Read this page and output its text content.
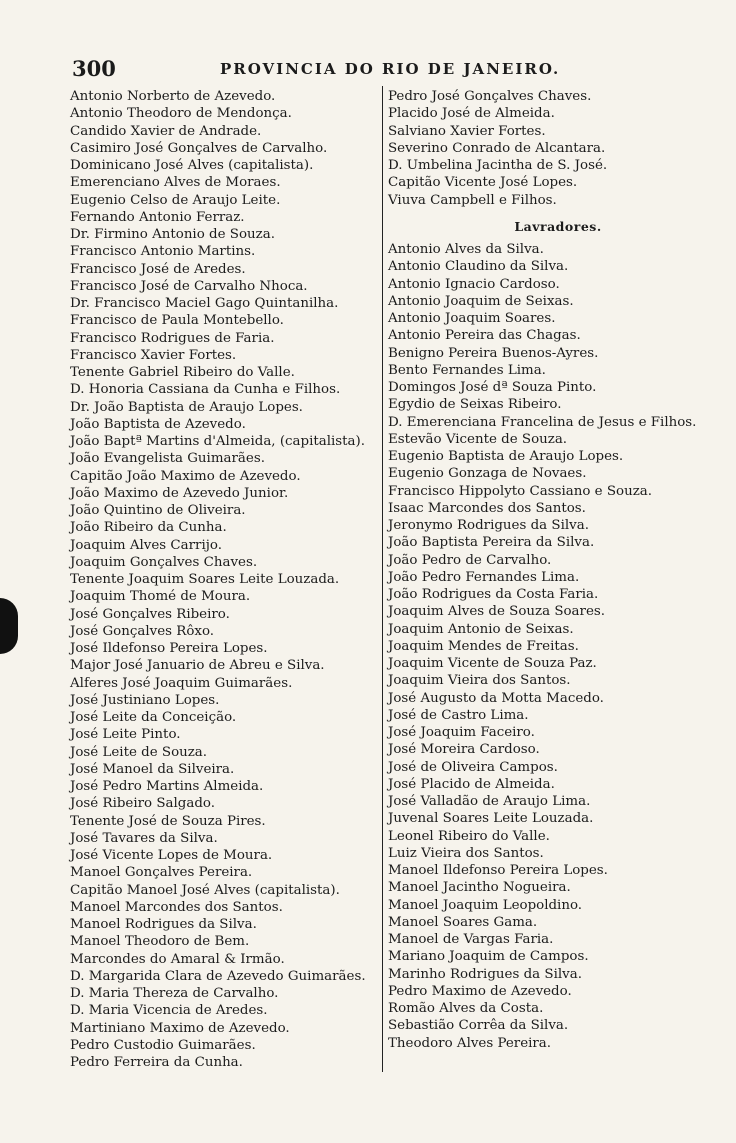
300	PROVINCIA DO RIO DE JANEIRO.
Antonio Norberto de Azevedo.
Antonio Theodoro de Mendonça.
Candido Xavier de Andrade.
Casimiro José Gonçalves de Carvalho.
Dominicano José Alves (capitalista).
Emerenciano Alves de Moraes.
Eugenio Celso de Araujo Leite.
Fernando Antonio Ferraz.
Dr. Firmino Antonio de Souza.
Francisco Antonio Martins.
Francisco José de Aredes.
Francisco José de Carvalho Nhoca.
Dr. Francisco Maciel Gago Quintanilha.
Francisco de Paula Montebello.
Francisco Rodrigues de Faria.
Francisco Xavier Fortes.
Tenente Gabriel Ribeiro do Valle.
D. Honoria Cassiana da Cunha e Filhos.
Dr. João Baptista de Araujo Lopes.
João Baptista de Azevedo.
João Baptª Martins d'Almeida, (capitalista).
João Evangelista Guimarães.
Capitão João Maximo de Azevedo.
João Maximo de Azevedo Junior.
João Quintino de Oliveira.
João Ribeiro da Cunha.
Joaquim Alves Carrijo.
Joaquim Gonçalves Chaves.
Tenente Joaquim Soares Leite Louzada.
Joaquim Thomé de Moura.
José Gonçalves Ribeiro.
José Gonçalves Rôxo.
José Ildefonso Pereira Lopes.
Major José Januario de Abreu e Silva.
Alferes José Joaquim Guimarães.
José Justiniano Lopes.
José Leite da Conceição.
José Leite Pinto.
José Leite de Souza.
José Manoel da Silveira.
José Pedro Martins Almeida.
José Ribeiro Salgado.
Tenente José de Souza Pires.
José Tavares da Silva.
José Vicente Lopes de Moura.
Manoel Gonçalves Pereira.
Capitão Manoel José Alves (capitalista).
Manoel Marcondes dos Santos.
Manoel Rodrigues da Silva.
Manoel Theodoro de Bem.
Marcondes do Amaral & Irmão.
D. Margarida Clara de Azevedo Guimarães.
D. Maria Thereza de Carvalho.
D. Maria Vicencia de Aredes.
Martiniano Maximo de Azevedo.
Pedro Custodio Guimarães.
Pedro Ferreira da Cunha.
Pedro José Gonçalves Chaves.
Placido José de Almeida.
Salviano Xavier Fortes.
Severino Conrado de Alcantara.
D. Umbelina Jacintha de S. José.
Capitão Vicente José Lopes.
Viuva Campbell e Filhos.
Lavradores.
Antonio Alves da Silva.
Antonio Claudino da Silva.
Antonio Ignacio Cardoso.
Antonio Joaquim de Seixas.
Antonio Joaquim Soares.
Antonio Pereira das Chagas.
Benigno Pereira Buenos-Ayres.
Bento Fernandes Lima.
Domingos José dª Souza Pinto.
Egydio de Seixas Ribeiro.
D. Emerenciana Francelina de Jesus e Filhos.
Estevão Vicente de Souza.
Eugenio Baptista de Araujo Lopes.
Eugenio Gonzaga de Novaes.
Francisco Hippolyto Cassiano e Souza.
Isaac Marcondes dos Santos.
Jeronymo Rodrigues da Silva.
João Baptista Pereira da Silva.
João Pedro de Carvalho.
João Pedro Fernandes Lima.
João Rodrigues da Costa Faria.
Joaquim Alves de Souza Soares.
Joaquim Antonio de Seixas.
Joaquim Mendes de Freitas.
Joaquim Vicente de Souza Paz.
Joaquim Vieira dos Santos.
José Augusto da Motta Macedo.
José de Castro Lima.
José Joaquim Faceiro.
José Moreira Cardoso.
José de Oliveira Campos.
José Placido de Almeida.
José Valladão de Araujo Lima.
Juvenal Soares Leite Louzada.
Leonel Ribeiro do Valle.
Luiz Vieira dos Santos.
Manoel Ildefonso Pereira Lopes.
Manoel Jacintho Nogueira.
Manoel Joaquim Leopoldino.
Manoel Soares Gama.
Manoel de Vargas Faria.
Mariano Joaquim de Campos.
Marinho Rodrigues da Silva.
Pedro Maximo de Azevedo.
Romão Alves da Costa.
Sebastião Corrêa da Silva.
Theodoro Alves Pereira.
